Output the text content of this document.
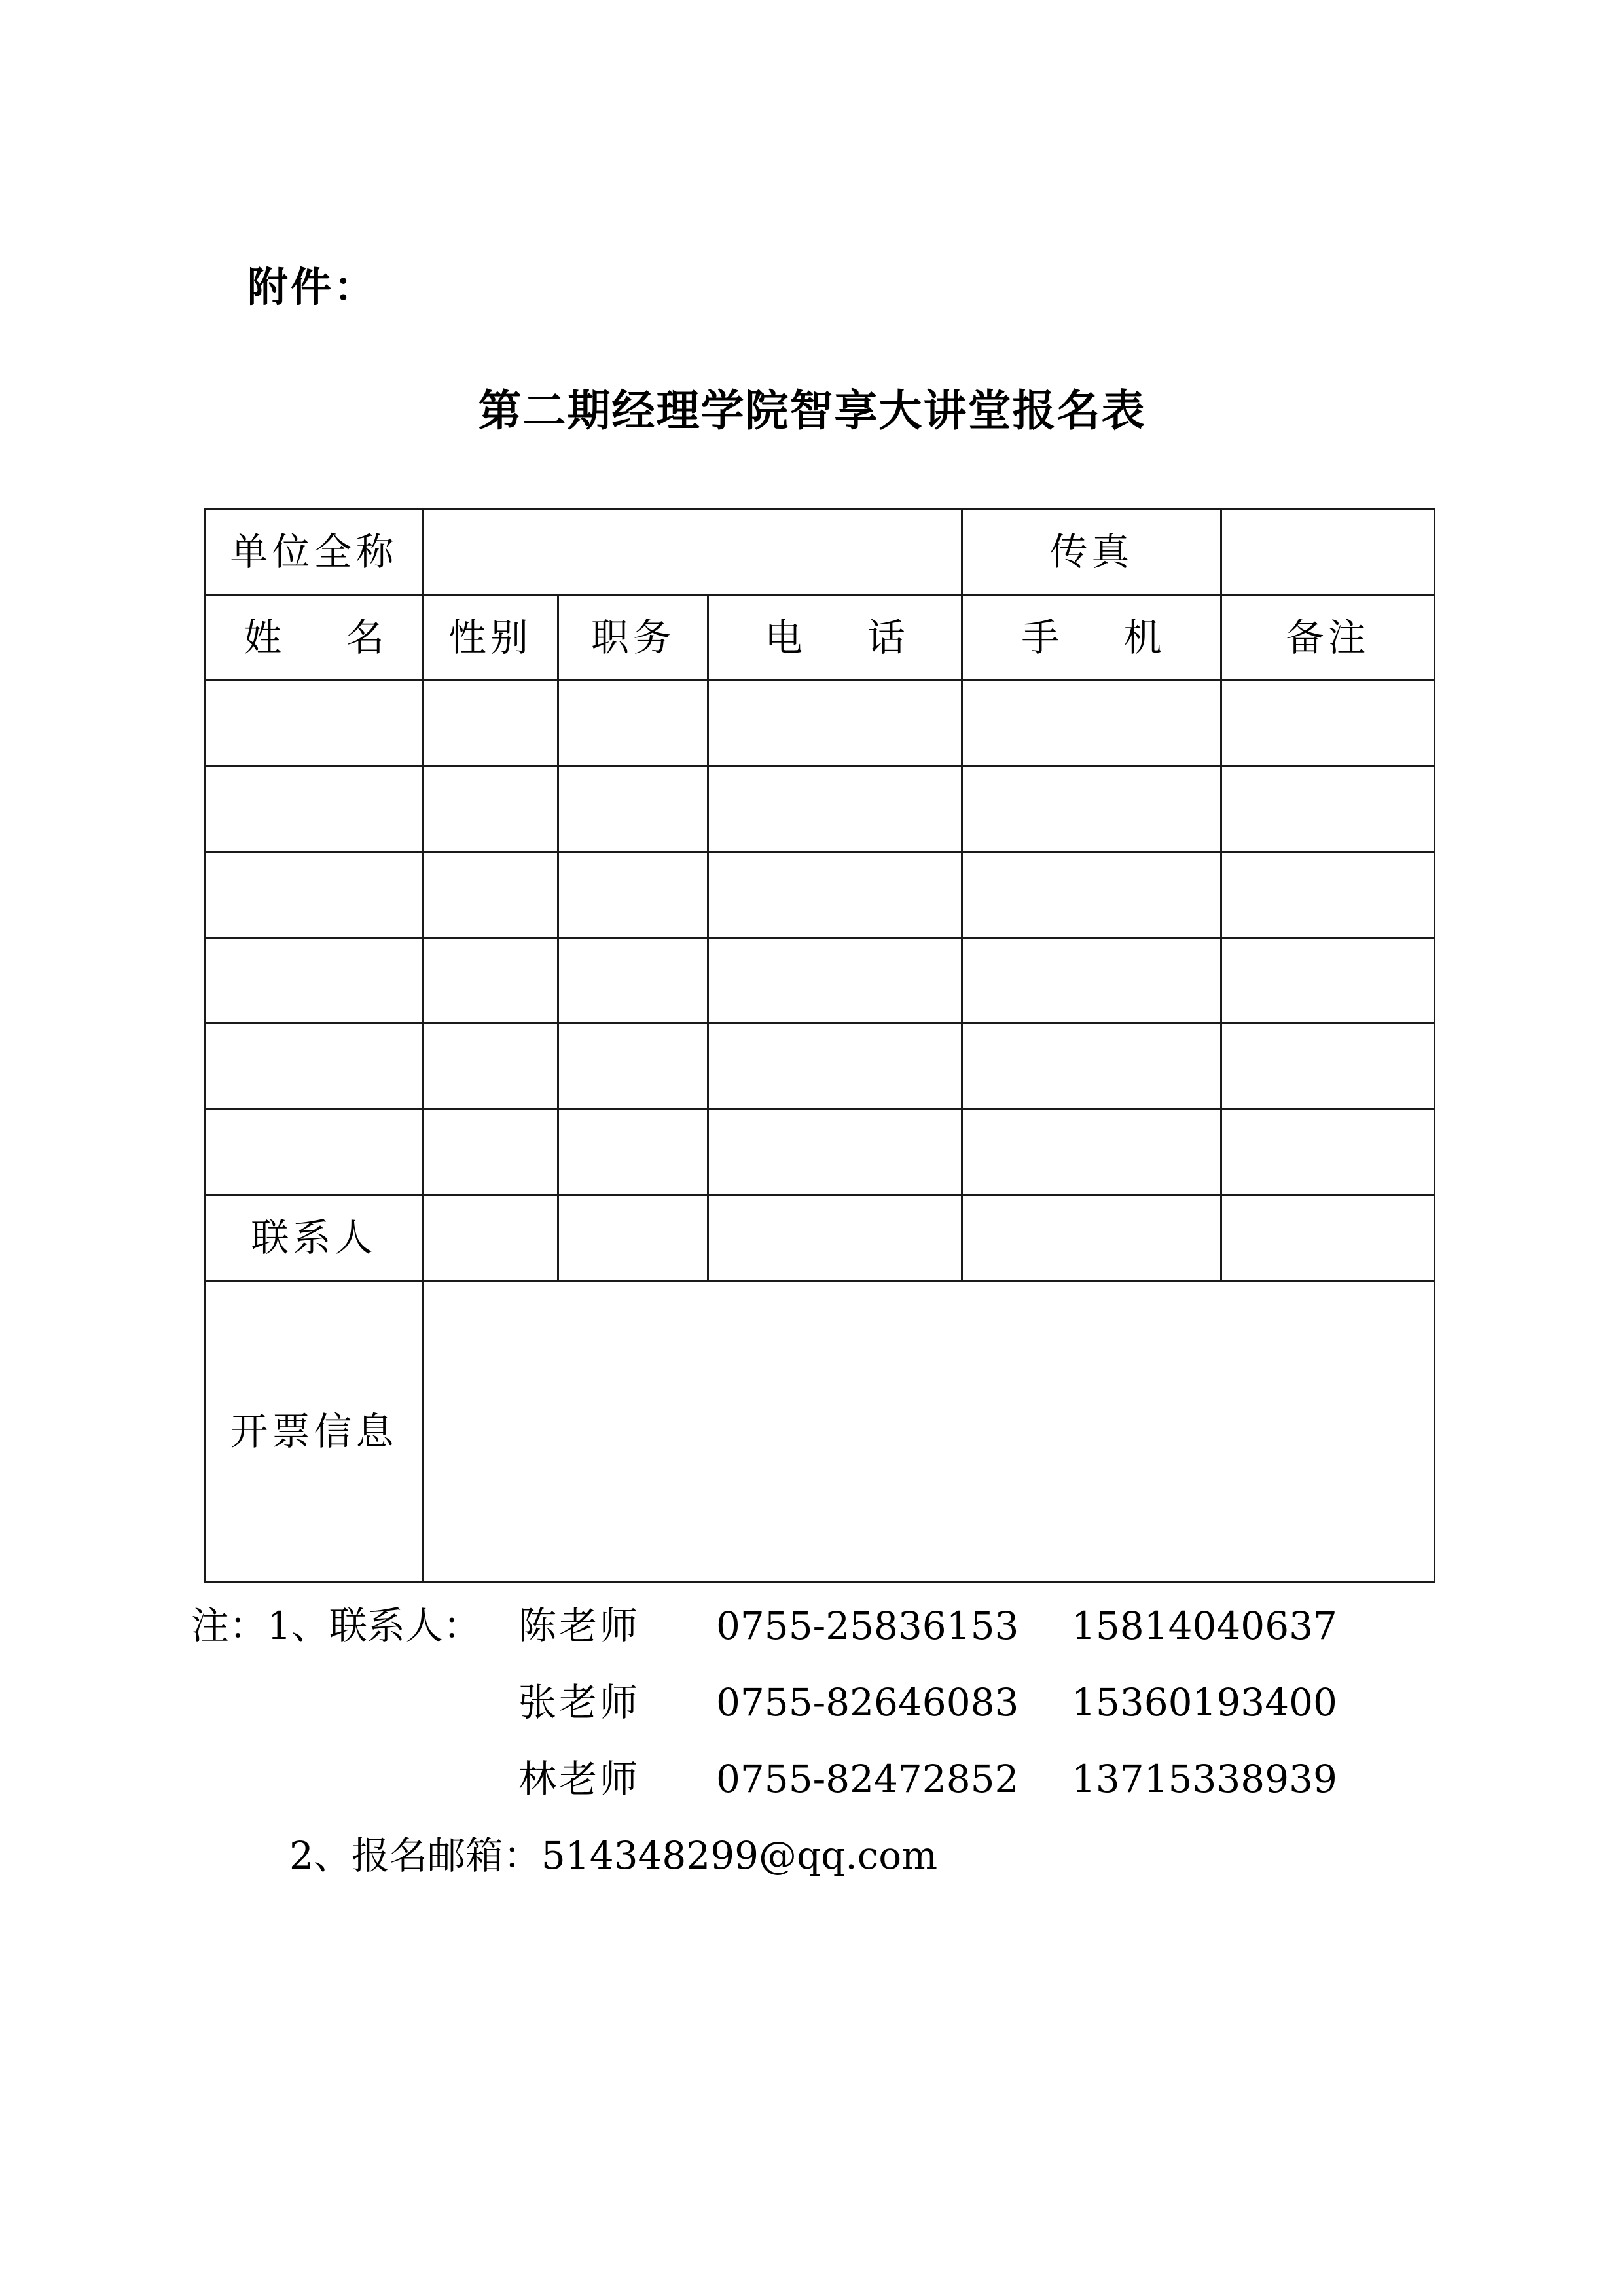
附件：
第二期经理学院智享大讲堂报名表
单位全称				传真	
姓 名	性别	职务	电 话	手 机	备注

联系人					
开票信息					
注：1、联系人： 陈老师 0755-25836153 15814040637
张老师 0755-82646083 15360193400
林老师 0755-82472852 13715338939
2、报名邮箱：514348299@qq.com
